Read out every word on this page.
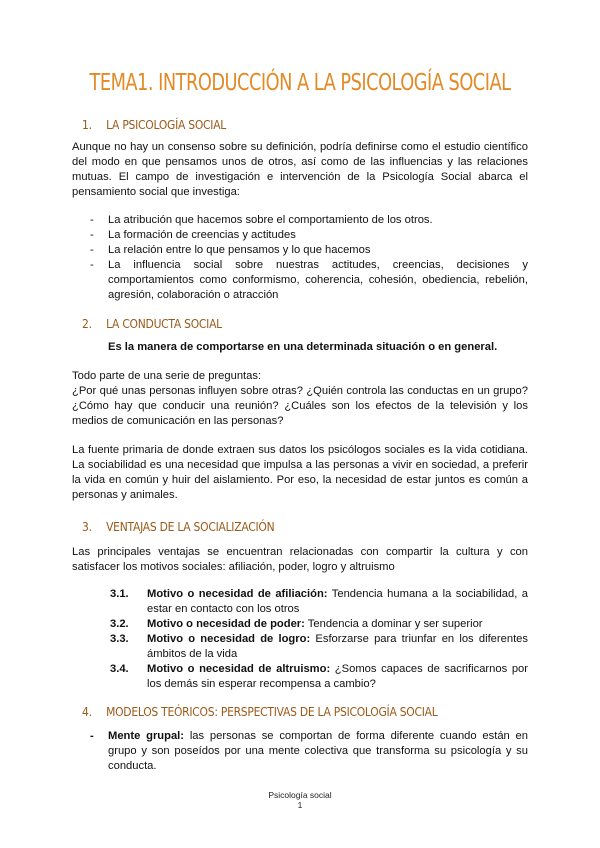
TEMA1. INTRODUCCIÓN A LA PSICOLOGÍA SOCIAL
1. LA PSICOLOGÍA SOCIAL
Aunque no hay un consenso sobre su definición, podría definirse como el estudio científico del modo en que pensamos unos de otros, así como de las influencias y las relaciones mutuas. El campo de investigación e intervención de la Psicología Social abarca el pensamiento social que investiga:
- La atribución que hacemos sobre el comportamiento de los otros.
- La formación de creencias y actitudes
- La relación entre lo que pensamos y lo que hacemos
- La influencia social sobre nuestras actitudes, creencias, decisiones y comportamientos como conformismo, coherencia, cohesión, obediencia, rebelión, agresión, colaboración o atracción
2. LA CONDUCTA SOCIAL
Es la manera de comportarse en una determinada situación o en general.
Todo parte de una serie de preguntas:
¿Por qué unas personas influyen sobre otras? ¿Quién controla las conductas en un grupo? ¿Cómo hay que conducir una reunión? ¿Cuáles son los efectos de la televisión y los medios de comunicación en las personas?
La fuente primaria de donde extraen sus datos los psicólogos sociales es la vida cotidiana. La sociabilidad es una necesidad que impulsa a las personas a vivir en sociedad, a preferir la vida en común y huir del aislamiento. Por eso, la necesidad de estar juntos es común a personas y animales.
3. VENTAJAS DE LA SOCIALIZACIÓN
Las principales ventajas se encuentran relacionadas con compartir la cultura y con satisfacer los motivos sociales: afiliación, poder, logro y altruismo
3.1. Motivo o necesidad de afiliación: Tendencia humana a la sociabilidad, a estar en contacto con los otros
3.2. Motivo o necesidad de poder: Tendencia a dominar y ser superior
3.3. Motivo o necesidad de logro: Esforzarse para triunfar en los diferentes ámbitos de la vida
3.4. Motivo o necesidad de altruismo: ¿Somos capaces de sacrificarnos por los demás sin esperar recompensa a cambio?
4. MODELOS TEÓRICOS: PERSPECTIVAS DE LA PSICOLOGÍA SOCIAL
- Mente grupal: las personas se comportan de forma diferente cuando están en grupo y son poseídos por una mente colectiva que transforma su psicología y su conducta.
Psicología social
1
